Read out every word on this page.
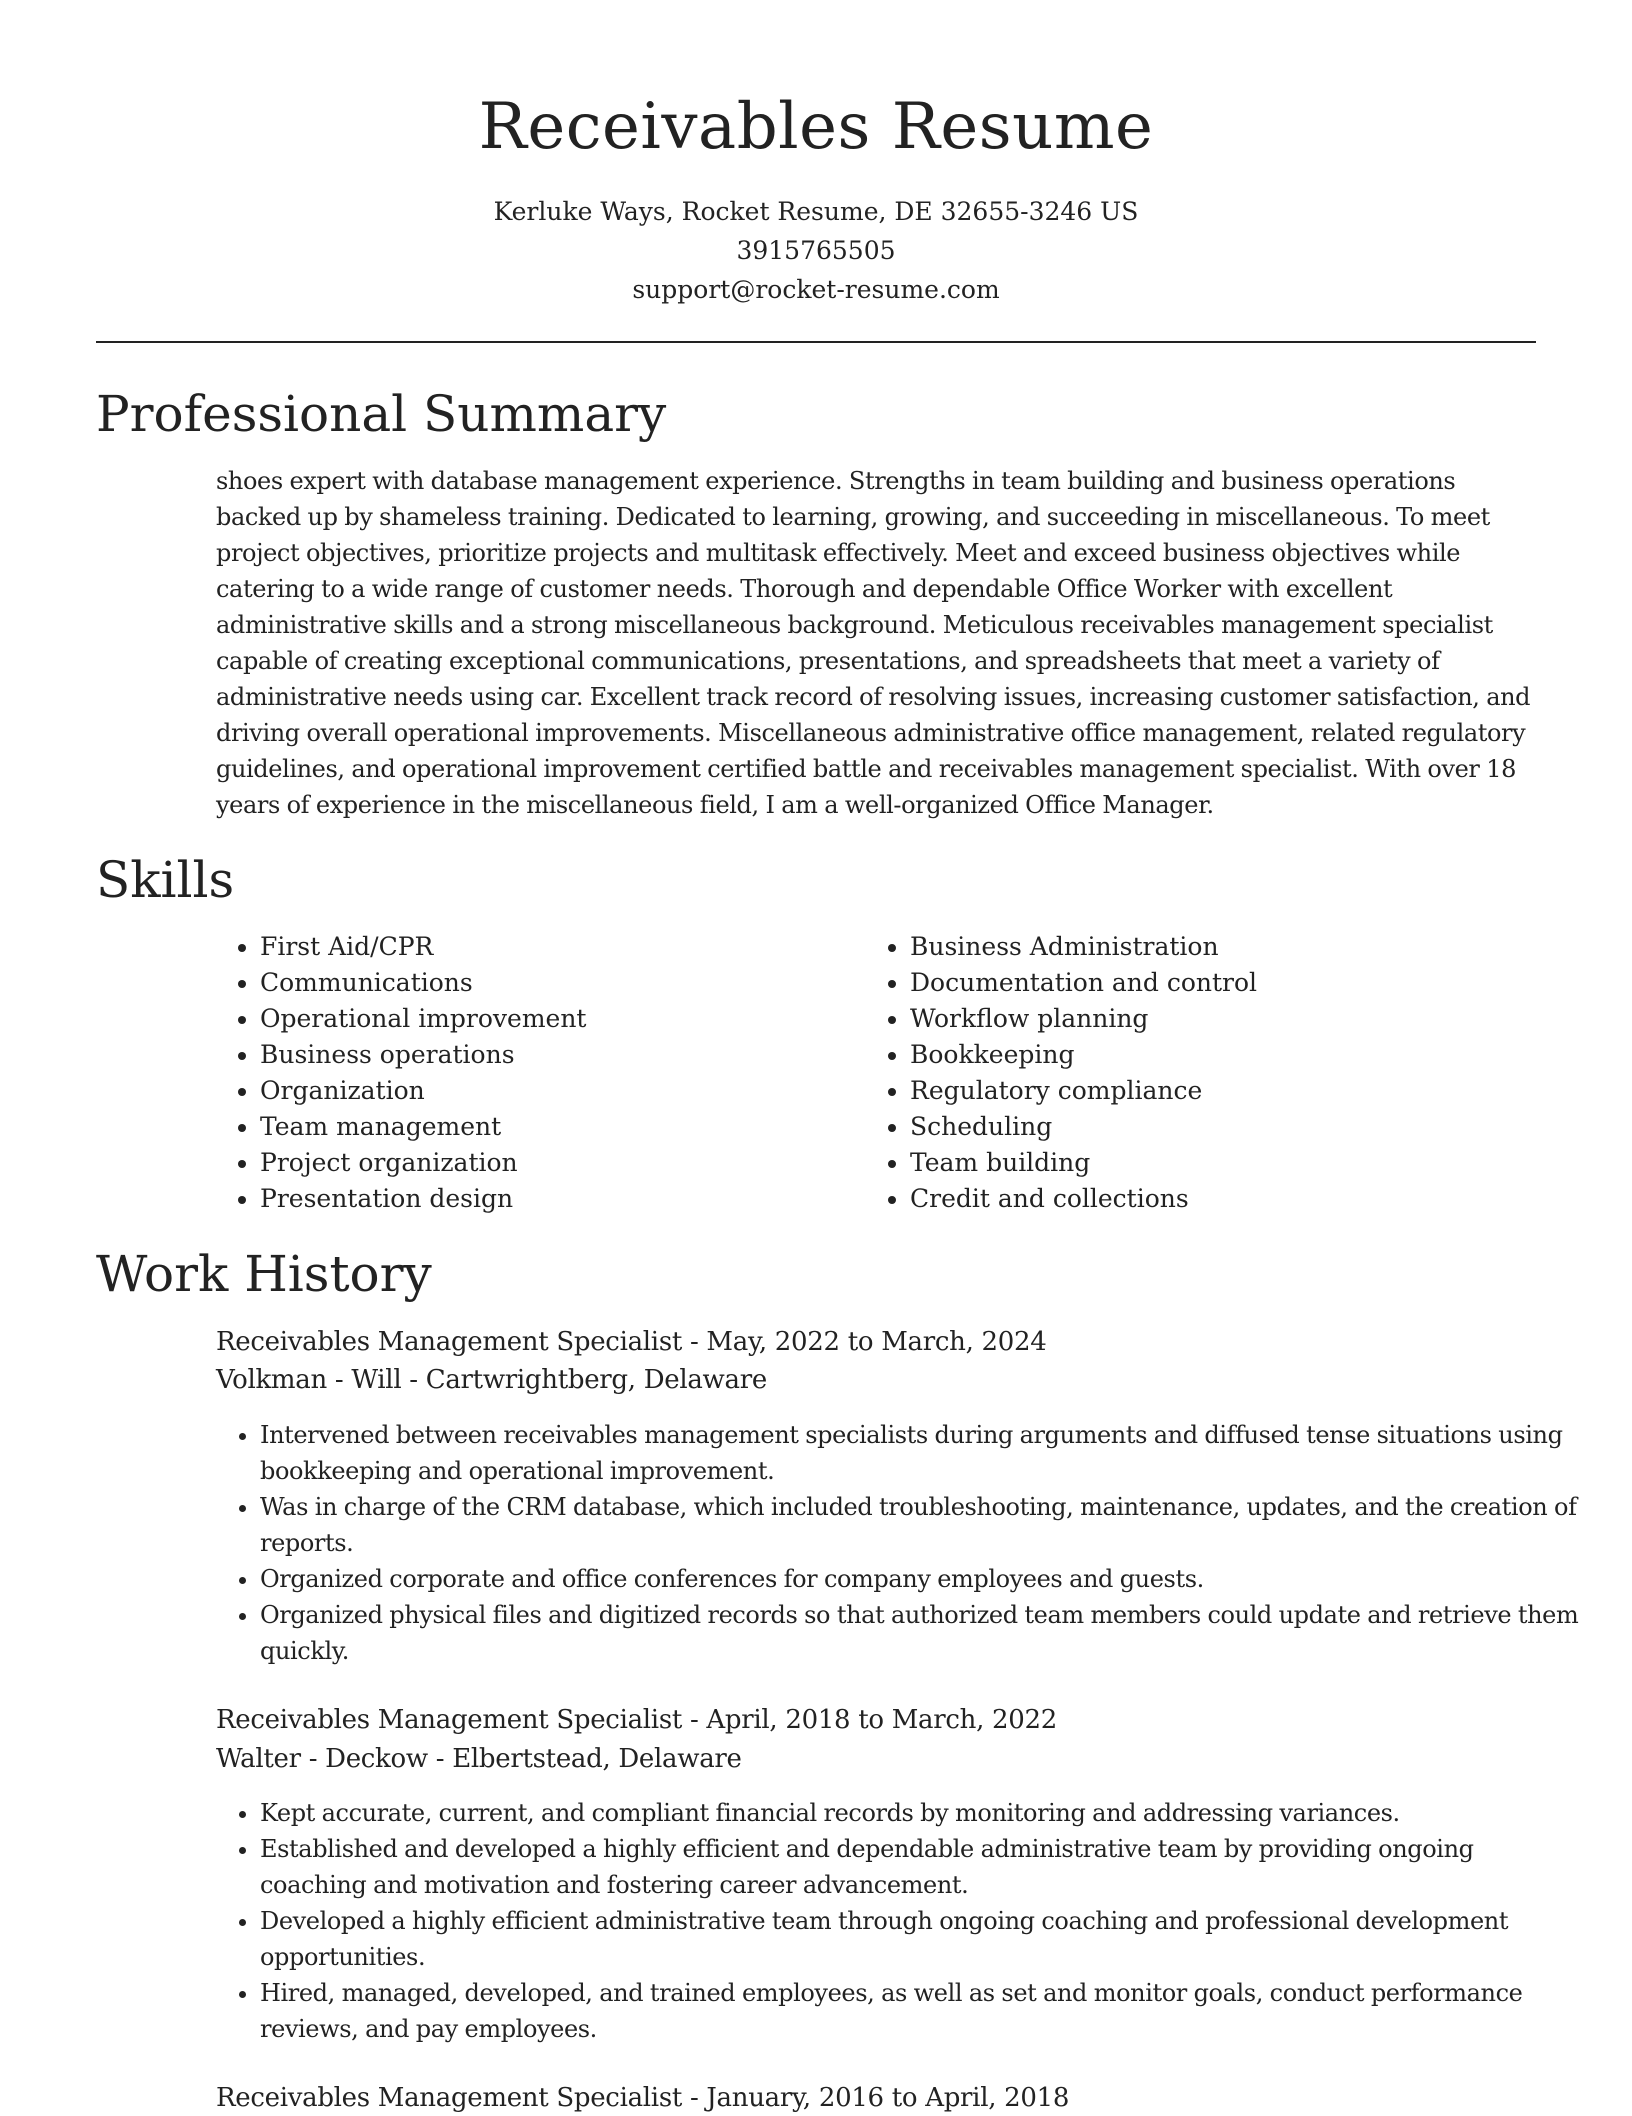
Receivables Resume
Kerluke Ways, Rocket Resume, DE 32655-3246 US
3915765505
support@rocket-resume.com
Professional Summary

shoes expert with database management experience. Strengths in team building and business operations backed up by shameless training. Dedicated to learning, growing, and succeeding in miscellaneous. To meet project objectives, prioritize projects and multitask effectively. Meet and exceed business objectives while catering to a wide range of customer needs. Thorough and dependable Office Worker with excellent administrative skills and a strong miscellaneous background. Meticulous receivables management specialist capable of creating exceptional communications, presentations, and spreadsheets that meet a variety of administrative needs using car. Excellent track record of resolving issues, increasing customer satisfaction, and driving overall operational improvements. Miscellaneous administrative office management, related regulatory guidelines, and operational improvement certified battle and receivables management specialist. With over 18 years of experience in the miscellaneous field, I am a well-organized Office Manager.

Skills
• First Aid/CPR
• Communications
• Operational improvement
• Business operations
• Organization
• Team management
• Project organization
• Presentation design
• Business Administration
• Documentation and control
• Workflow planning
• Bookkeeping
• Regulatory compliance
• Scheduling
• Team building
• Credit and collections
Work History
Receivables Management Specialist - May, 2022 to March, 2024
Volkman - Will - Cartwrightberg, Delaware
• Intervened between receivables management specialists during arguments and diffused tense situations using bookkeeping and operational improvement.
• Was in charge of the CRM database, which included troubleshooting, maintenance, updates, and the creation of reports.
• Organized corporate and office conferences for company employees and guests.
• Organized physical files and digitized records so that authorized team members could update and retrieve them quickly.
Receivables Management Specialist - April, 2018 to March, 2022
Walter - Deckow - Elbertstead, Delaware
• Kept accurate, current, and compliant financial records by monitoring and addressing variances.
• Established and developed a highly efficient and dependable administrative team by providing ongoing coaching and motivation and fostering career advancement.
• Developed a highly efficient administrative team through ongoing coaching and professional development opportunities.
• Hired, managed, developed, and trained employees, as well as set and monitor goals, conduct performance reviews, and pay employees.
Receivables Management Specialist - January, 2016 to April, 2018
